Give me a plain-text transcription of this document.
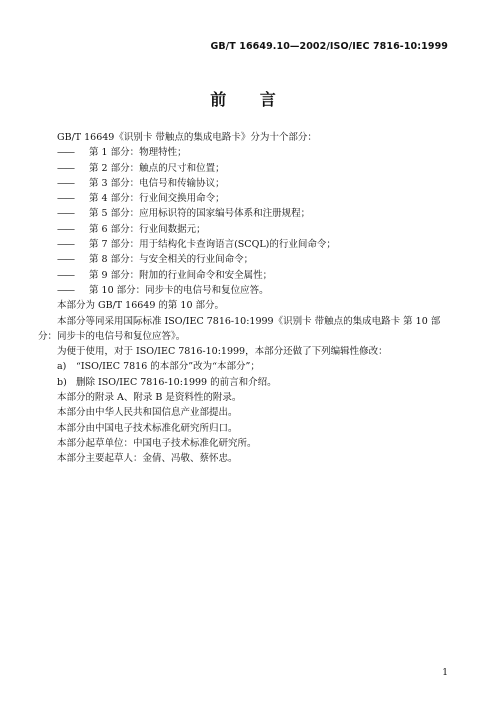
GB/T 16649.10—2002/ISO/IEC 7816-10:1999
前 言
GB/T 16649《识别卡 带触点的集成电路卡》分为十个部分：
—— 第 1 部分：物理特性；
—— 第 2 部分：触点的尺寸和位置；
—— 第 3 部分：电信号和传输协议；
—— 第 4 部分：行业间交换用命令；
—— 第 5 部分：应用标识符的国家编号体系和注册规程；
—— 第 6 部分：行业间数据元；
—— 第 7 部分：用于结构化卡查询语言(SCQL)的行业间命令；
—— 第 8 部分：与安全相关的行业间命令；
—— 第 9 部分：附加的行业间命令和安全属性；
—— 第 10 部分：同步卡的电信号和复位应答。
本部分为 GB/T 16649 的第 10 部分。
本部分等同采用国际标准 ISO/IEC 7816-10:1999《识别卡 带触点的集成电路卡 第 10 部分：同步卡的电信号和复位应答》。
为便于使用，对于 ISO/IEC 7816-10:1999，本部分还做了下列编辑性修改：
a) “ISO/IEC 7816 的本部分”改为“本部分”；
b) 删除 ISO/IEC 7816-10:1999 的前言和介绍。
本部分的附录 A、附录 B 是资料性的附录。
本部分由中华人民共和国信息产业部提出。
本部分由中国电子技术标准化研究所归口。
本部分起草单位：中国电子技术标准化研究所。
本部分主要起草人：金倩、冯敬、蔡怀忠。
1
